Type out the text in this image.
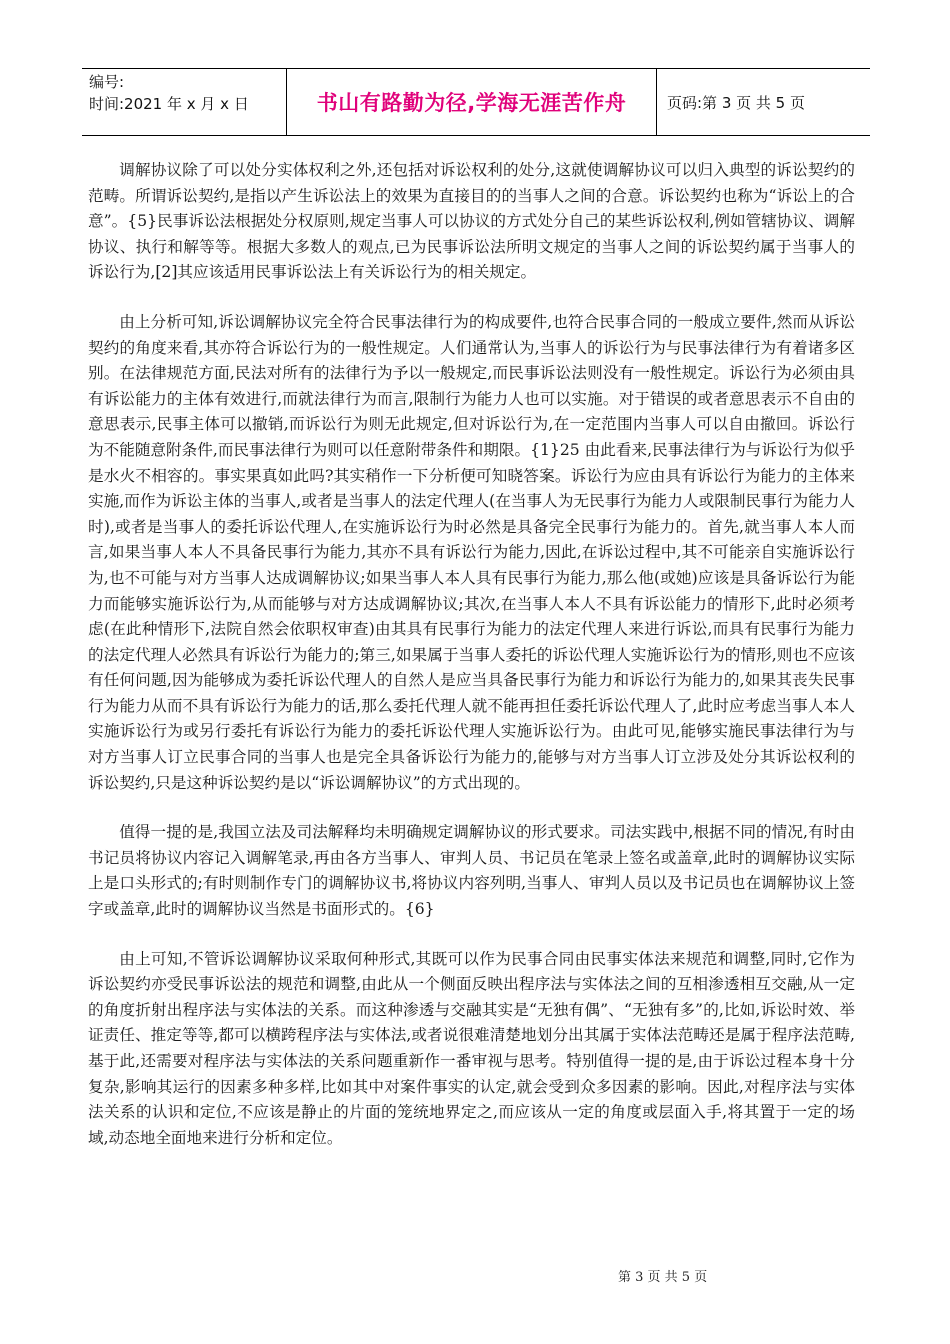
编号:
时间:2021 年 x 月 x 日	书山有路勤为径,学海无涯苦作舟	页码:第 3 页 共 5 页

调解协议除了可以处分实体权利之外,还包括对诉讼权利的处分,这就使调解协议可以归入典型的诉讼契约的范畴。所谓诉讼契约,是指以产生诉讼法上的效果为直接目的的当事人之间的合意。诉讼契约也称为“诉讼上的合意”。{5}民事诉讼法根据处分权原则,规定当事人可以协议的方式处分自己的某些诉讼权利,例如管辖协议、调解协议、执行和解等等。根据大多数人的观点,已为民事诉讼法所明文规定的当事人之间的诉讼契约属于当事人的诉讼行为,[2]其应该适用民事诉讼法上有关诉讼行为的相关规定。

由上分析可知,诉讼调解协议完全符合民事法律行为的构成要件,也符合民事合同的一般成立要件,然而从诉讼契约的角度来看,其亦符合诉讼行为的一般性规定。人们通常认为,当事人的诉讼行为与民事法律行为有着诸多区别。在法律规范方面,民法对所有的法律行为予以一般规定,而民事诉讼法则没有一般性规定。诉讼行为必须由具有诉讼能力的主体有效进行,而就法律行为而言,限制行为能力人也可以实施。对于错误的或者意思表示不自由的意思表示,民事主体可以撤销,而诉讼行为则无此规定,但对诉讼行为,在一定范围内当事人可以自由撤回。诉讼行为不能随意附条件,而民事法律行为则可以任意附带条件和期限。{1}25 由此看来,民事法律行为与诉讼行为似乎是水火不相容的。事实果真如此吗?其实稍作一下分析便可知晓答案。诉讼行为应由具有诉讼行为能力的主体来实施,而作为诉讼主体的当事人,或者是当事人的法定代理人(在当事人为无民事行为能力人或限制民事行为能力人时),或者是当事人的委托诉讼代理人,在实施诉讼行为时必然是具备完全民事行为能力的。首先,就当事人本人而言,如果当事人本人不具备民事行为能力,其亦不具有诉讼行为能力,因此,在诉讼过程中,其不可能亲自实施诉讼行为,也不可能与对方当事人达成调解协议;如果当事人本人具有民事行为能力,那么他(或她)应该是具备诉讼行为能力而能够实施诉讼行为,从而能够与对方达成调解协议;其次,在当事人本人不具有诉讼能力的情形下,此时必须考虑(在此种情形下,法院自然会依职权审查)由其具有民事行为能力的法定代理人来进行诉讼,而具有民事行为能力的法定代理人必然具有诉讼行为能力的;第三,如果属于当事人委托的诉讼代理人实施诉讼行为的情形,则也不应该有任何问题,因为能够成为委托诉讼代理人的自然人是应当具备民事行为能力和诉讼行为能力的,如果其丧失民事行为能力从而不具有诉讼行为能力的话,那么委托代理人就不能再担任委托诉讼代理人了,此时应考虑当事人本人实施诉讼行为或另行委托有诉讼行为能力的委托诉讼代理人实施诉讼行为。由此可见,能够实施民事法律行为与对方当事人订立民事合同的当事人也是完全具备诉讼行为能力的,能够与对方当事人订立涉及处分其诉讼权利的诉讼契约,只是这种诉讼契约是以“诉讼调解协议”的方式出现的。

值得一提的是,我国立法及司法解释均未明确规定调解协议的形式要求。司法实践中,根据不同的情况,有时由书记员将协议内容记入调解笔录,再由各方当事人、审判人员、书记员在笔录上签名或盖章,此时的调解协议实际上是口头形式的;有时则制作专门的调解协议书,将协议内容列明,当事人、审判人员以及书记员也在调解协议上签字或盖章,此时的调解协议当然是书面形式的。{6}

由上可知,不管诉讼调解协议采取何种形式,其既可以作为民事合同由民事实体法来规范和调整,同时,它作为诉讼契约亦受民事诉讼法的规范和调整,由此从一个侧面反映出程序法与实体法之间的互相渗透相互交融,从一定的角度折射出程序法与实体法的关系。而这种渗透与交融其实是“无独有偶”、“无独有多”的,比如,诉讼时效、举证责任、推定等等,都可以横跨程序法与实体法,或者说很难清楚地划分出其属于实体法范畴还是属于程序法范畴,基于此,还需要对程序法与实体法的关系问题重新作一番审视与思考。特别值得一提的是,由于诉讼过程本身十分复杂,影响其运行的因素多种多样,比如其中对案件事实的认定,就会受到众多因素的影响。因此,对程序法与实体法关系的认识和定位,不应该是静止的片面的笼统地界定之,而应该从一定的角度或层面入手,将其置于一定的场域,动态地全面地来进行分析和定位。

第 3 页 共 5 页
